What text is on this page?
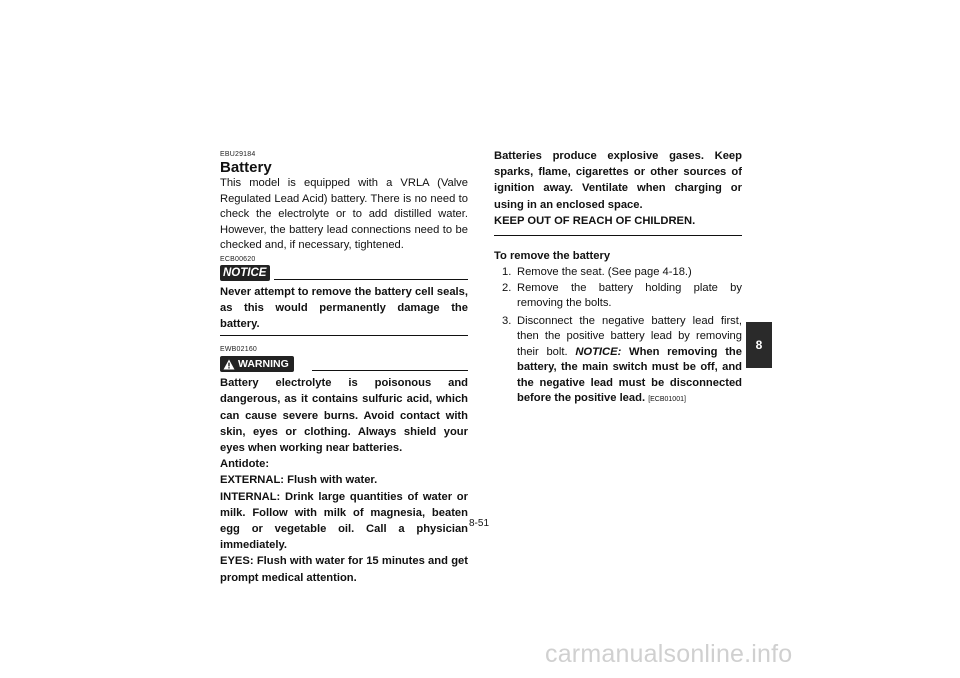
EBU29184
Battery

This model is equipped with a VRLA (Valve Regulated Lead Acid) battery. There is no need to check the electrolyte or to add distilled water. However, the battery lead connections need to be checked and, if necessary, tightened.

ECB00620
NOTICE

Never attempt to remove the battery cell seals, as this would permanently damage the battery.

EWB02160
WARNING

Battery electrolyte is poisonous and dangerous, as it contains sulfuric acid, which can cause severe burns. Avoid contact with skin, eyes or clothing. Always shield your eyes when working near batteries.

Antidote:

EXTERNAL: Flush with water.

INTERNAL: Drink large quantities of water or milk. Follow with milk of magnesia, beaten egg or vegetable oil. Call a physician immediately.

EYES: Flush with water for 15 minutes and get prompt medical attention.

Batteries produce explosive gases. Keep sparks, flame, cigarettes or other sources of ignition away. Ventilate when charging or using in an enclosed space.

KEEP OUT OF REACH OF CHILDREN.

To remove the battery
1. Remove the seat. (See page 4-18.)
2. Remove the battery holding plate by removing the bolts.
3. Disconnect the negative battery lead first, then the positive battery lead by removing their bolt. NOTICE: When removing the battery, the main switch must be off, and the negative lead must be disconnected before the positive lead. [ECB01001]
8-51
8
carmanualsonline.info
